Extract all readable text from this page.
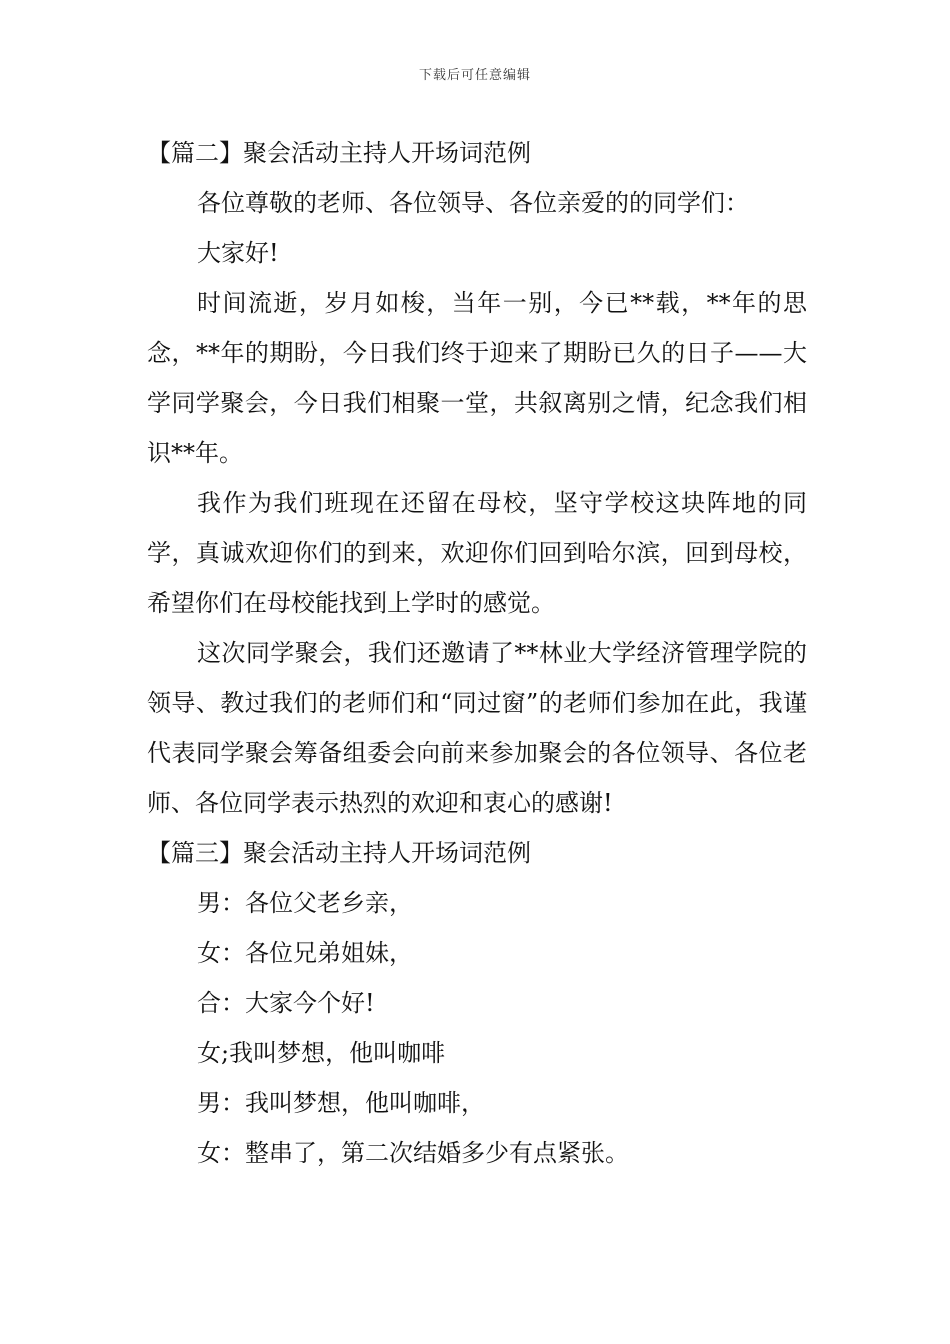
下载后可任意编辑

【篇二】聚会活动主持人开场词范例

各位尊敬的老师、各位领导、各位亲爱的的同学们：

大家好!

时间流逝，岁月如梭，当年一别，今已**载，**年的思念，**年的期盼，今日我们终于迎来了期盼已久的日子——大学同学聚会，今日我们相聚一堂，共叙离别之情，纪念我们相识**年。

我作为我们班现在还留在母校，坚守学校这块阵地的同学，真诚欢迎你们的到来，欢迎你们回到哈尔滨，回到母校，希望你们在母校能找到上学时的感觉。

这次同学聚会，我们还邀请了**林业大学经济管理学院的领导、教过我们的老师们和“同过窗”的老师们参加在此，我谨代表同学聚会筹备组委会向前来参加聚会的各位领导、各位老师、各位同学表示热烈的欢迎和衷心的感谢!

【篇三】聚会活动主持人开场词范例

男：各位父老乡亲，

女：各位兄弟姐妹，

合：大家今个好!

女;我叫梦想，他叫咖啡

男：我叫梦想，他叫咖啡，

女：整串了，第二次结婚多少有点紧张。
